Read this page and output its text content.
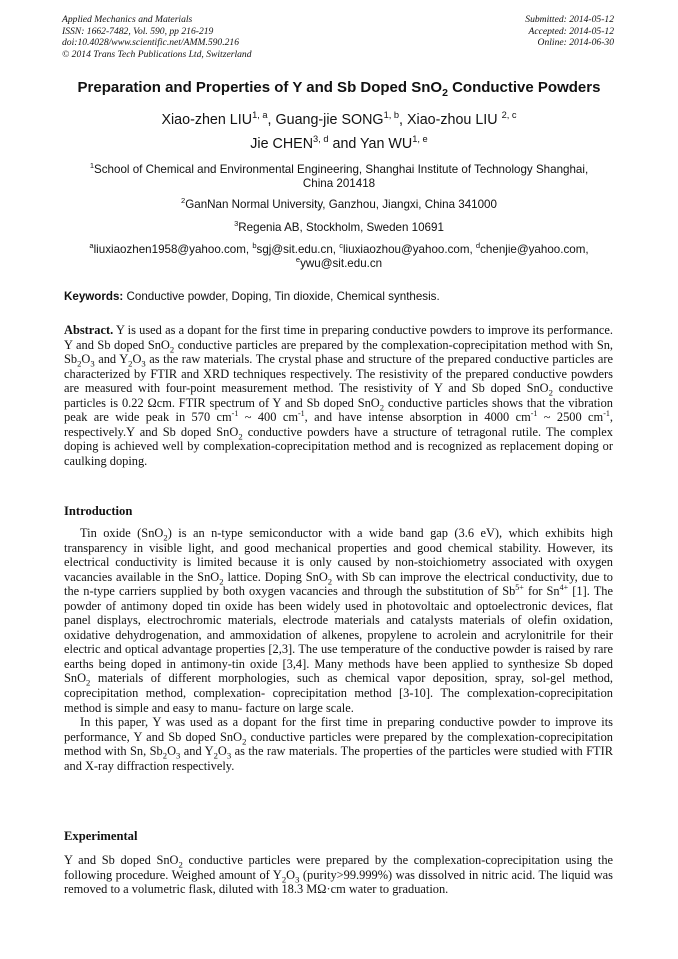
Applied Mechanics and Materials
ISSN: 1662-7482, Vol. 590, pp 216-219
doi:10.4028/www.scientific.net/AMM.590.216
© 2014 Trans Tech Publications Ltd, Switzerland
Submitted: 2014-05-12
Accepted: 2014-05-12
Online: 2014-06-30
Preparation and Properties of Y and Sb Doped SnO$_2$ Conductive Powders
Xiao-zhen LIU$^{1, a}$, Guang-jie SONG$^{1, b}$, Xiao-zhou LIU $^{2, c}$
Jie CHEN$^{3, d}$ and Yan WU$^{1, e}$
$^1$School of Chemical and Environmental Engineering, Shanghai Institute of Technology Shanghai,
China 201418
$^2$GanNan Normal University, Ganzhou, Jiangxi, China 341000
$^3$Regenia AB, Stockholm, Sweden 10691
$^a$liuxiaozhen1958@yahoo.com, $^b$sgj@sit.edu.cn, $^c$liuxiaozhou@yahoo.com, $^d$chenjie@yahoo.com,
$^e$ywu@sit.edu.cn
Keywords: Conductive powder, Doping, Tin dioxide, Chemical synthesis.

Abstract. Y is used as a dopant for the first time in preparing conductive powders to improve its performance. Y and Sb doped SnO$_2$ conductive particles are prepared by the complexation-coprecipitation method with Sn, $Sb_2O_3$ and $Y_2O_3$ as the raw materials. The crystal phase and structure of the prepared conductive particles are characterized by FTIR and XRD techniques respectively. The resistivity of the prepared conductive powders are measured with four-point measurement method. The resistivity of Y and Sb doped SnO$_2$ conductive particles is 0.22 Ωcm. FTIR spectrum of Y and Sb doped SnO$_2$ conductive particles shows that the vibration peak are wide peak in 570 $cm^{-1}$ ~ 400 $cm^{-1}$, and have intense absorption in 4000 $cm^{-1}$ ~ 2500 $cm^{-1}$, respectively.Y and Sb doped SnO$_2$ conductive powders have a structure of tetragonal rutile. The complex doping is achieved well by complexation-coprecipitation method and is recognized as replacement doping or caulking doping.

Introduction

Tin oxide (SnO$_2$) is an n-type semiconductor with a wide band gap (3.6 eV), which exhibits high transparency in visible light, and good mechanical properties and good chemical stability. However, its electrical conductivity is limited because it is only caused by non-stoichiometry associated with oxygen vacancies available in the SnO$_2$ lattice. Doping SnO$_2$ with Sb can improve the electrical conductivity, due to the n-type carriers supplied by both oxygen vacancies and through the substitution of $Sb^{5+}$ for $Sn^{4+}$ [1]. The powder of antimony doped tin oxide has been widely used in photovoltaic and optoelectronic devices, flat panel displays, electrochromic materials, electrode materials and catalysts materials of olefin oxidation, oxidative dehydrogenation, and ammoxidation of alkenes, propylene to acrolein and acrylonitrile for their electric and optical advantage properties [2,3]. The use temperature of the conductive powder is raised by rare earths being doped in antimony-tin oxide [3,4]. Many methods have been applied to synthesize Sb doped SnO$_2$ materials of different morphologies, such as chemical vapor deposition, spray, sol-gel method, coprecipitation method, complexation- coprecipitation method [3-10]. The complexation-coprecipitation method is simple and easy to manu- facture on large scale.

In this paper, Y was used as a dopant for the first time in preparing conductive powder to improve its performance, Y and Sb doped SnO$_2$ conductive particles were prepared by the complexation-coprecipitation method with Sn, $Sb_2O_3$ and $Y_2O_3$ as the raw materials. The properties of the particles were studied with FTIR and X-ray diffraction respectively.

Experimental

Y and Sb doped SnO$_2$ conductive particles were prepared by the complexation-coprecipitation using the following procedure. Weighed amount of $Y_2O_3$ (purity>99.999%) was dissolved in nitric acid. The liquid was removed to a volumetric flask, diluted with 18.3 MΩ·cm water to graduation.
